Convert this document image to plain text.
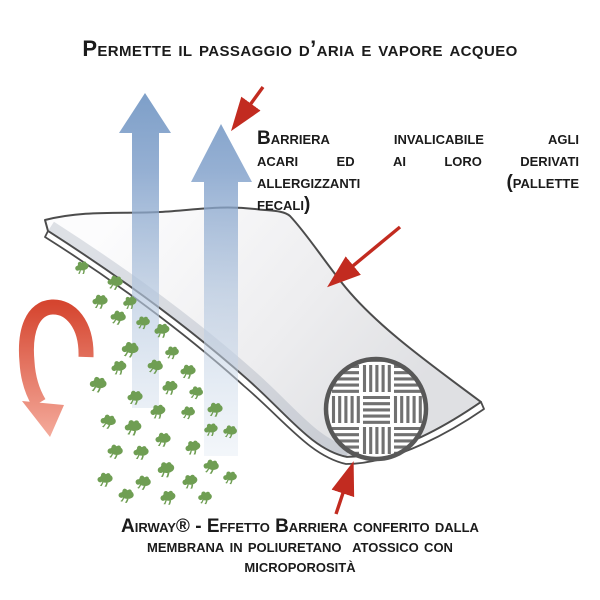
Permette il passaggio d’aria e vapore acqueo
Barriera invalicabile agli
acari ed ai loro derivati
allergizzanti (pallette
fecali)
Airway® - Effetto Barriera conferito dalla
membrana in poliuretano  atossico con
microporosità
